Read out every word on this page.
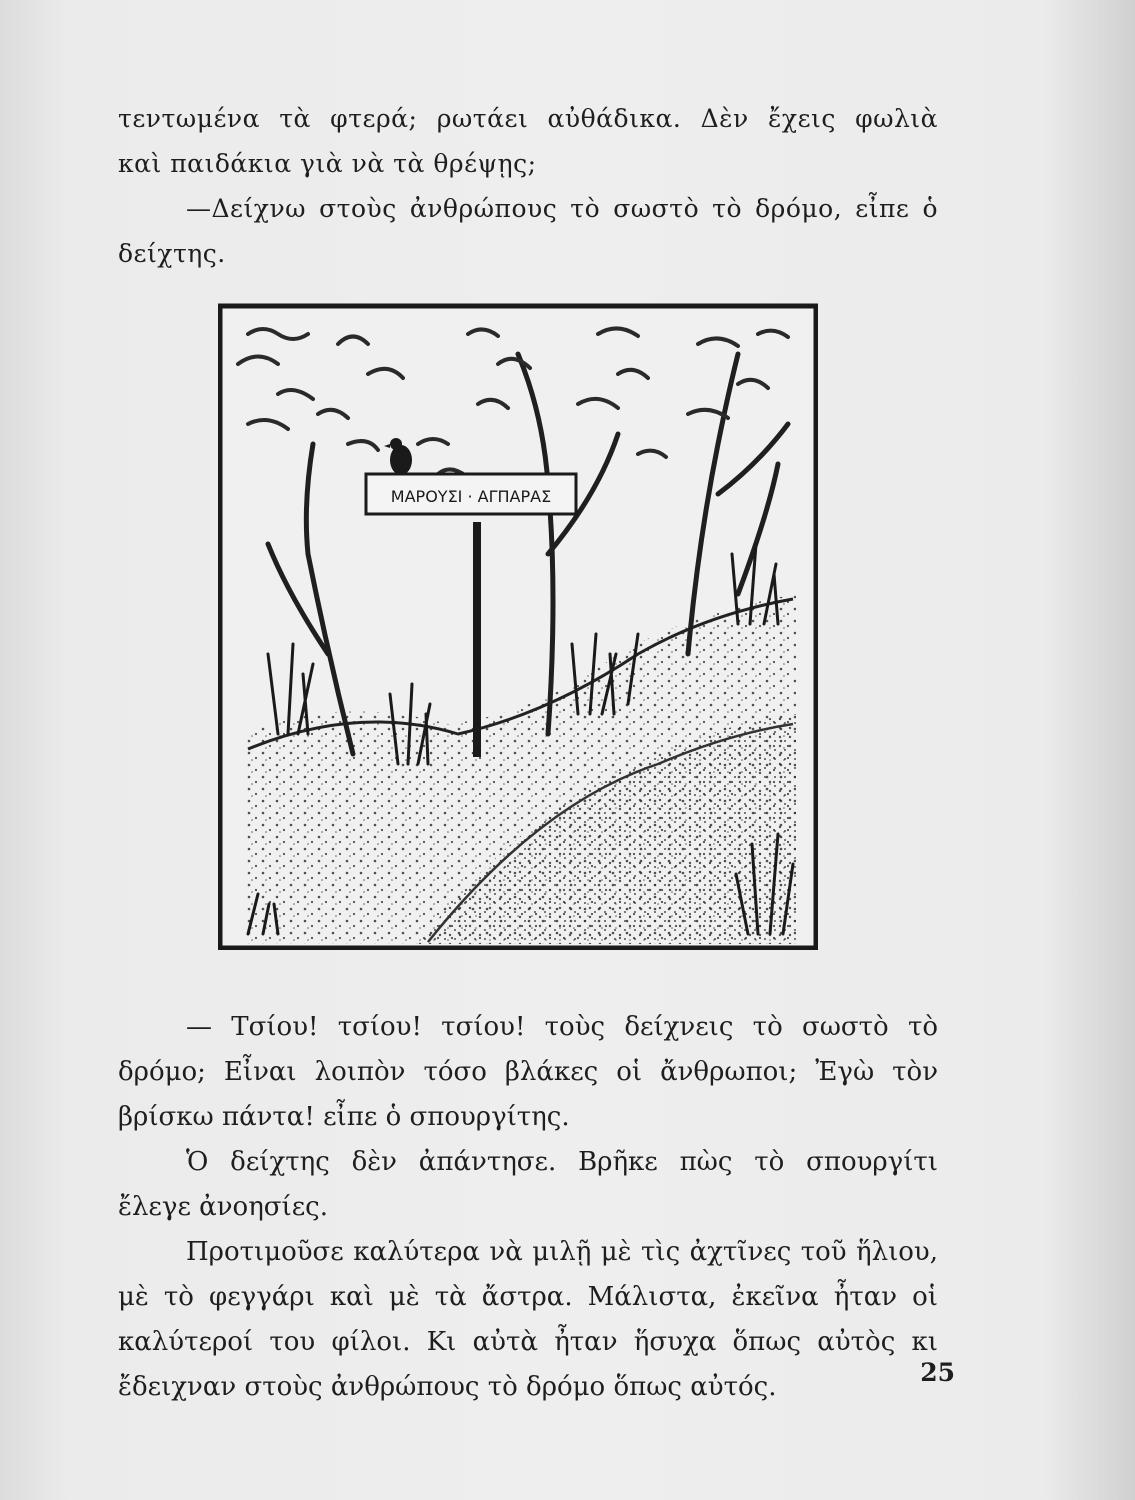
τεντωμένα τὰ φτερά; ρωτάει αὐθάδικα. Δὲν ἔχεις φωλιὰ
καὶ παιδάκια γιὰ νὰ τὰ θρέψῃς;
—Δείχνω στοὺς ἀνθρώπους τὸ σωστὸ τὸ δρόμο, εἶπε ὁ
δείχτης.
ΜΑΡΟΥΣΙ · ΑΓΠΑΡΑΣ
— Τσίου! τσίου! τσίου! τοὺς δείχνεις τὸ σωστὸ τὸ
δρόμο; Εἶναι λοιπὸν τόσο βλάκες οἱ ἄνθρωποι; Ἐγὼ τὸν
βρίσκω πάντα! εἶπε ὁ σπουργίτης.
Ὁ δείχτης δὲν ἀπάντησε. Βρῆκε πὼς τὸ σπουργίτι
ἔλεγε ἀνοησίες.
Προτιμοῦσε καλύτερα νὰ μιλῇ μὲ τὶς ἀχτῖνες τοῦ ἥλιου,
μὲ τὸ φεγγάρι καὶ μὲ τὰ ἄστρα. Μάλιστα, ἐκεῖνα ἦταν οἱ
καλύτεροί του φίλοι. Κι αὐτὰ ἦταν ἥσυχα ὅπως αὐτὸς κι
ἔδειχναν στοὺς ἀνθρώπους τὸ δρόμο ὅπως αὐτός.	25
